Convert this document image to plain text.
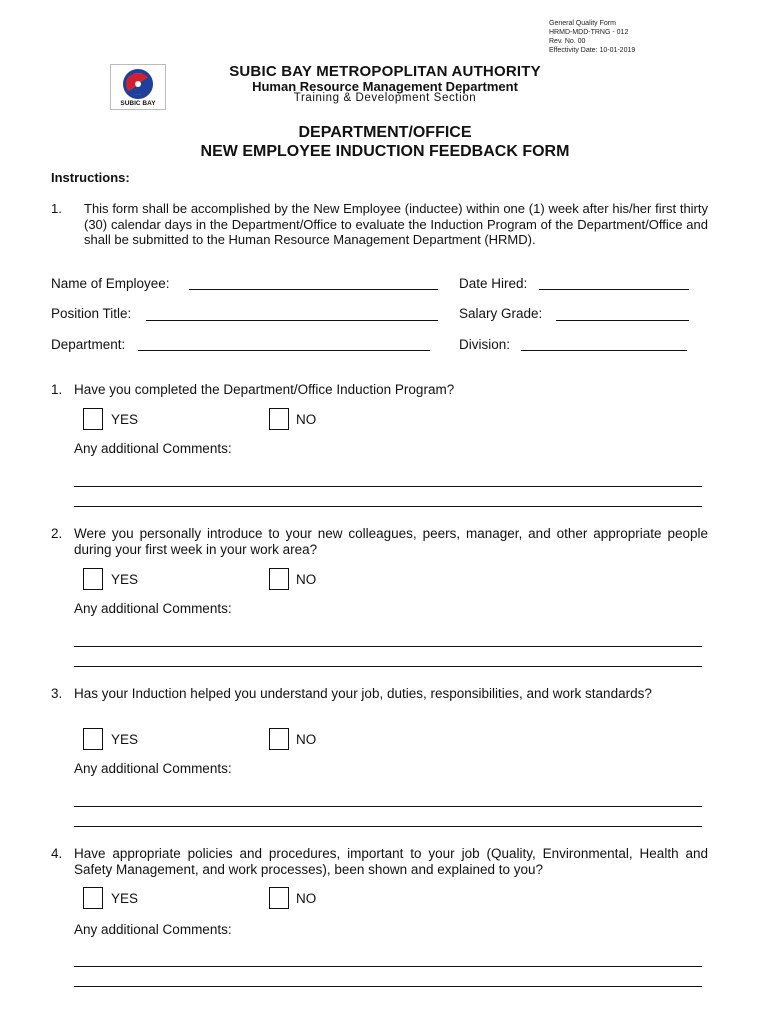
General Quality Form
HRMD-MDD-TRNG - 012
Rev. No. 00
Effectivity Date: 10-01-2019
SUBIC BAY
SUBIC BAY METROPOPLITAN AUTHORITY
Human Resource Management Department
Training & Development Section
DEPARTMENT/OFFICE
NEW EMPLOYEE INDUCTION FEEDBACK FORM
Instructions:
1. This form shall be accomplished by the New Employee (inductee) within one (1) week after his/her first thirty (30) calendar days in the Department/Office to evaluate the Induction Program of the Department/Office and shall be submitted to the Human Resource Management Department (HRMD).
Name of Employee:	Date Hired:
Position Title:	Salary Grade:
Department:	Division:
1. Have you completed the Department/Office Induction Program?
YES	NO
Any additional Comments:
2. Were you personally introduce to your new colleagues, peers, manager, and other appropriate people during your first week in your work area?
YES	NO
Any additional Comments:
3. Has your Induction helped you understand your job, duties, responsibilities, and work standards?
YES	NO
Any additional Comments:
4. Have appropriate policies and procedures, important to your job (Quality, Environmental, Health and Safety Management, and work processes), been shown and explained to you?
YES	NO
Any additional Comments:
